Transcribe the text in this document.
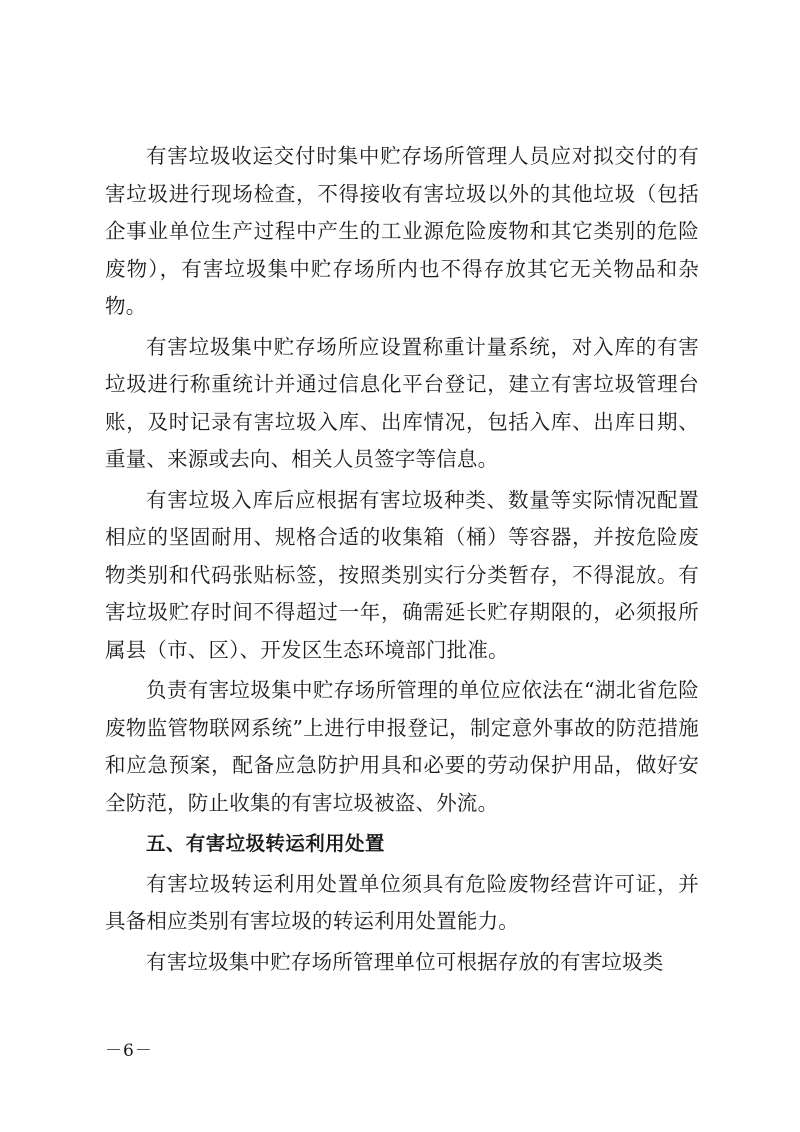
有害垃圾收运交付时集中贮存场所管理人员应对拟交付的有害垃圾进行现场检查，不得接收有害垃圾以外的其他垃圾（包括企事业单位生产过程中产生的工业源危险废物和其它类别的危险废物），有害垃圾集中贮存场所内也不得存放其它无关物品和杂物。

有害垃圾集中贮存场所应设置称重计量系统，对入库的有害垃圾进行称重统计并通过信息化平台登记，建立有害垃圾管理台账，及时记录有害垃圾入库、出库情况，包括入库、出库日期、重量、来源或去向、相关人员签字等信息。

有害垃圾入库后应根据有害垃圾种类、数量等实际情况配置相应的坚固耐用、规格合适的收集箱（桶）等容器，并按危险废物类别和代码张贴标签，按照类别实行分类暂存，不得混放。有害垃圾贮存时间不得超过一年，确需延长贮存期限的，必须报所属县（市、区）、开发区生态环境部门批准。

负责有害垃圾集中贮存场所管理的单位应依法在“湖北省危险废物监管物联网系统”上进行申报登记，制定意外事故的防范措施和应急预案，配备应急防护用具和必要的劳动保护用品，做好安全防范，防止收集的有害垃圾被盗、外流。

五、有害垃圾转运利用处置

有害垃圾转运利用处置单位须具有危险废物经营许可证，并具备相应类别有害垃圾的转运利用处置能力。

有害垃圾集中贮存场所管理单位可根据存放的有害垃圾类

－6－
